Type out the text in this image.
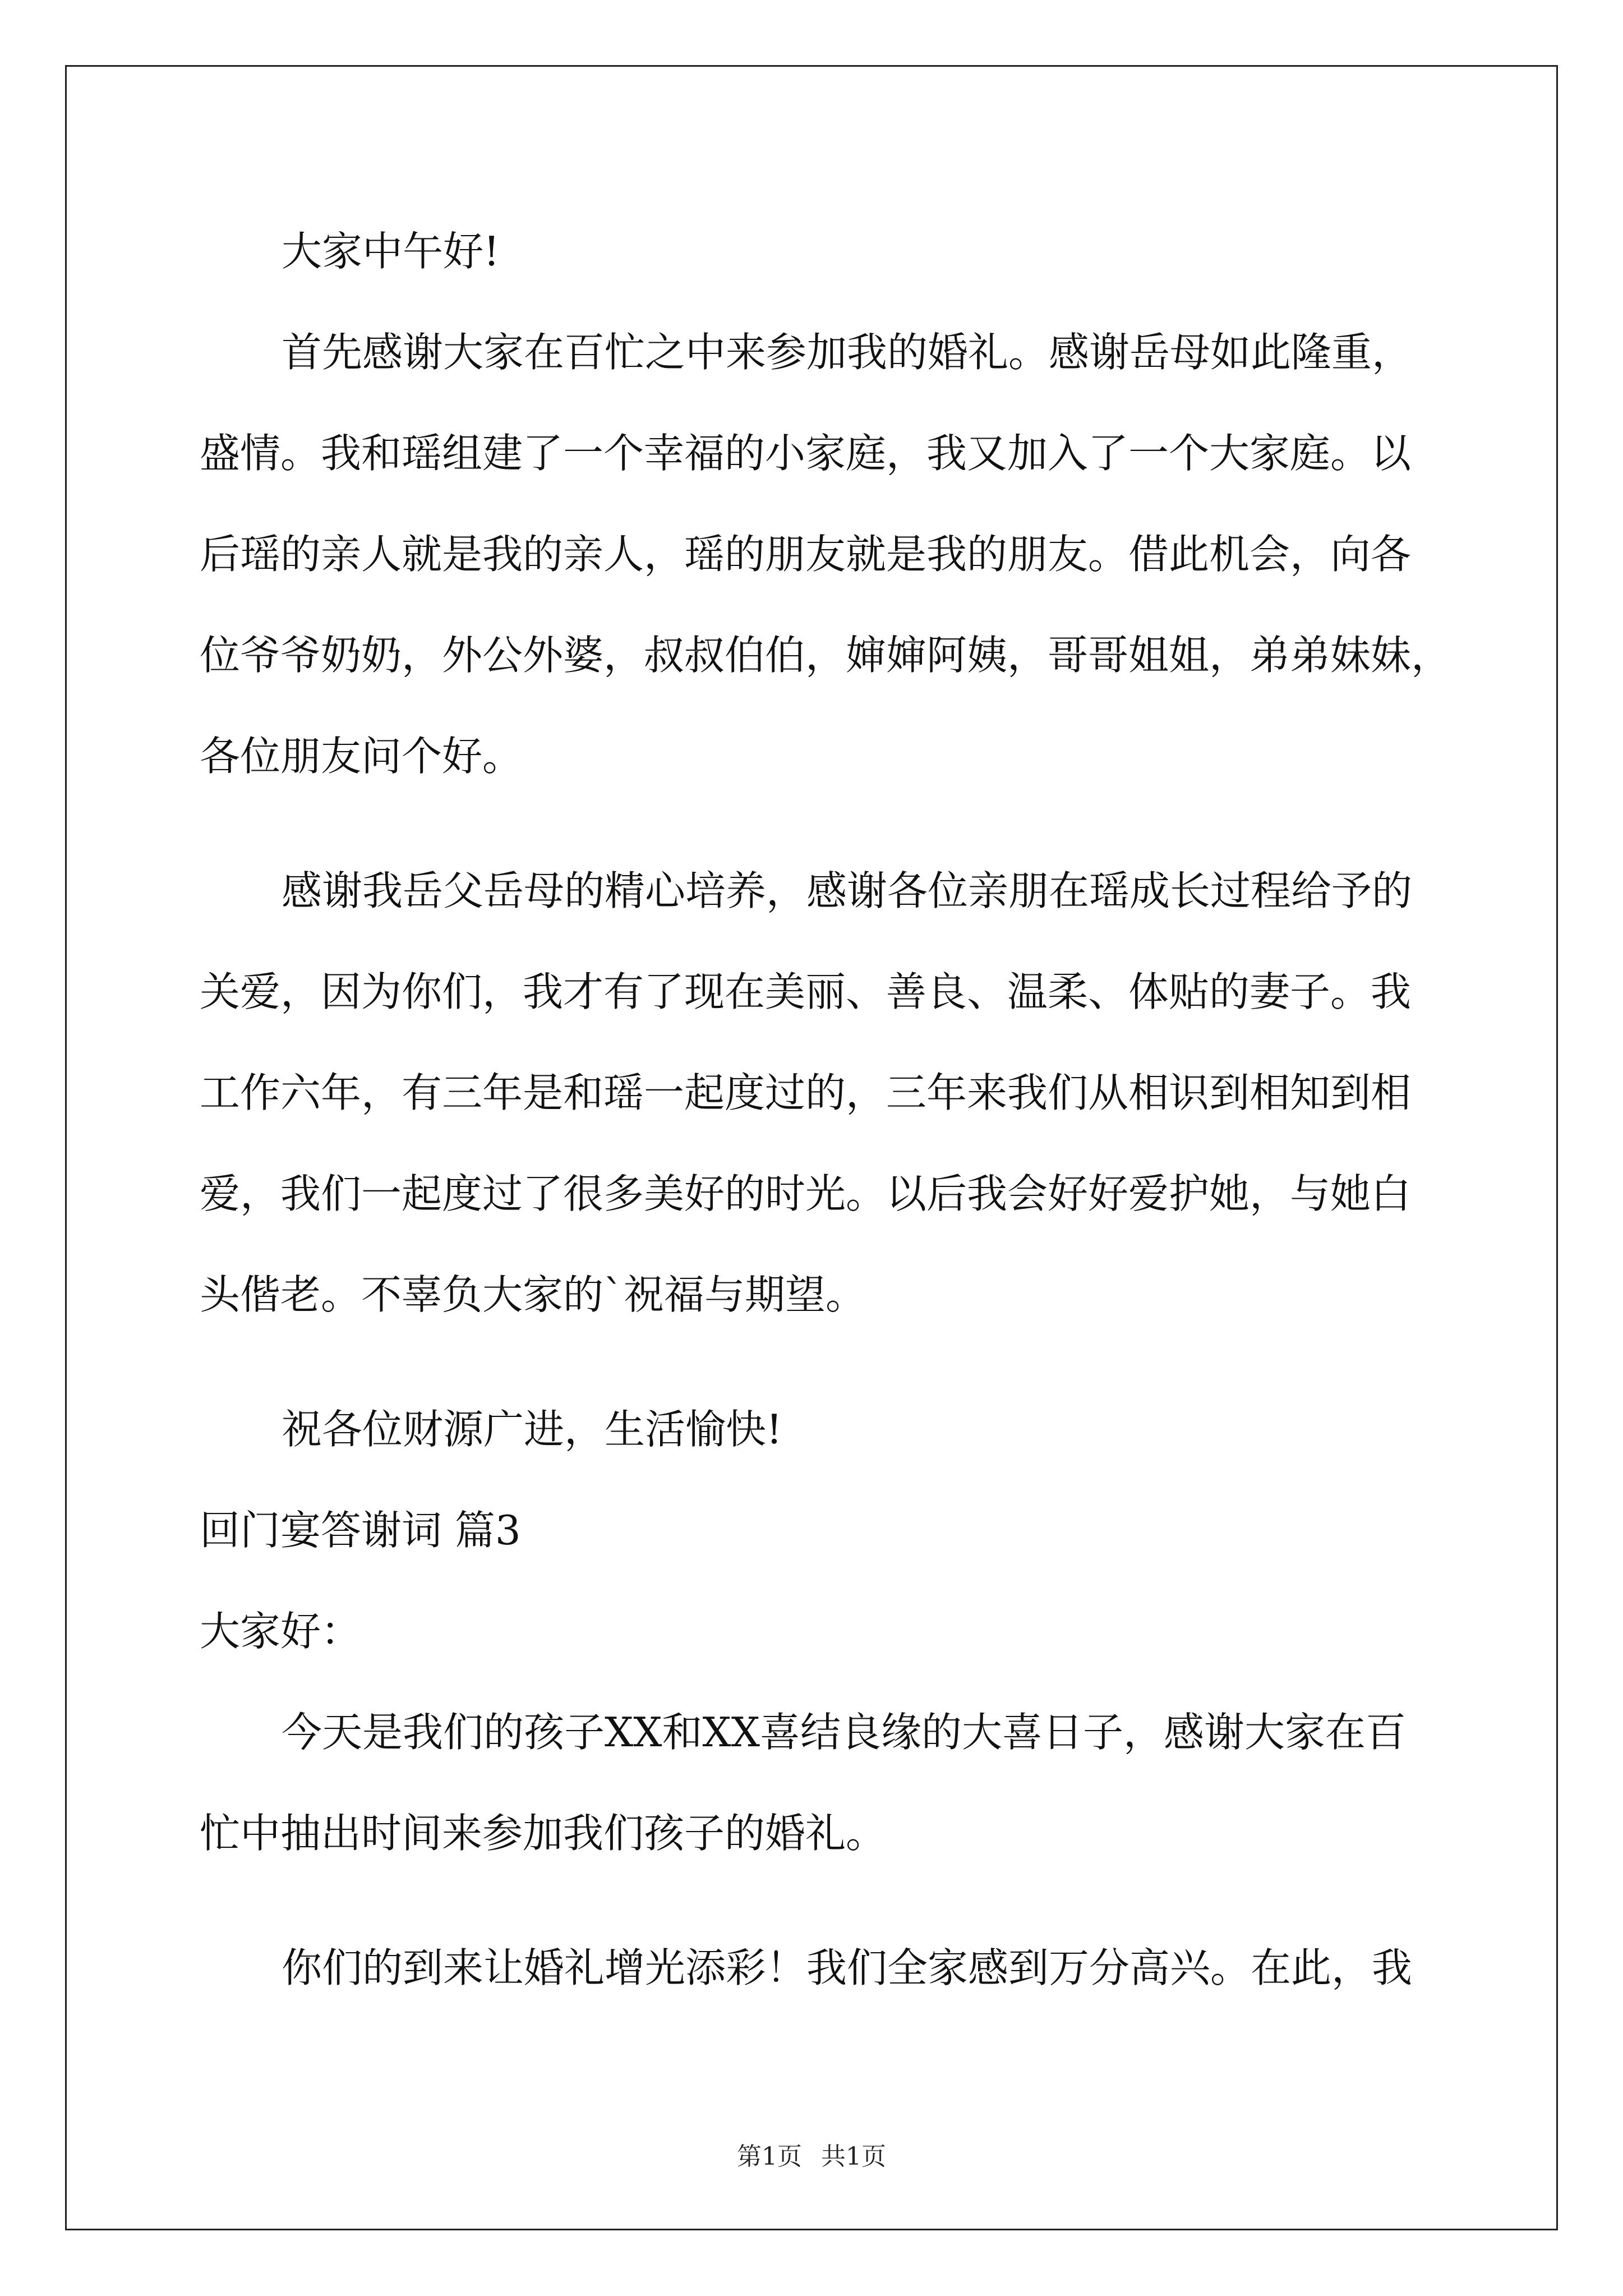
大家中午好!
首先感谢大家在百忙之中来参加我的婚礼。感谢岳母如此隆重，
盛情。我和瑶组建了一个幸福的小家庭，我又加入了一个大家庭。以
后瑶的亲人就是我的亲人，瑶的朋友就是我的朋友。借此机会，向各
位爷爷奶奶，外公外婆，叔叔伯伯，婶婶阿姨，哥哥姐姐，弟弟妹妹，
各位朋友问个好。
感谢我岳父岳母的精心培养，感谢各位亲朋在瑶成长过程给予的
关爱，因为你们，我才有了现在美丽、善良、温柔、体贴的妻子。我
工作六年，有三年是和瑶一起度过的，三年来我们从相识到相知到相
爱，我们一起度过了很多美好的时光。以后我会好好爱护她，与她白
头偕老。不辜负大家的`祝福与期望。
祝各位财源广进，生活愉快!
回门宴答谢词 篇3
大家好：
今天是我们的孩子XX和XX喜结良缘的大喜日子，感谢大家在百
忙中抽出时间来参加我们孩子的婚礼。
你们的到来让婚礼增光添彩！我们全家感到万分高兴。在此，我
第1页 共1页
